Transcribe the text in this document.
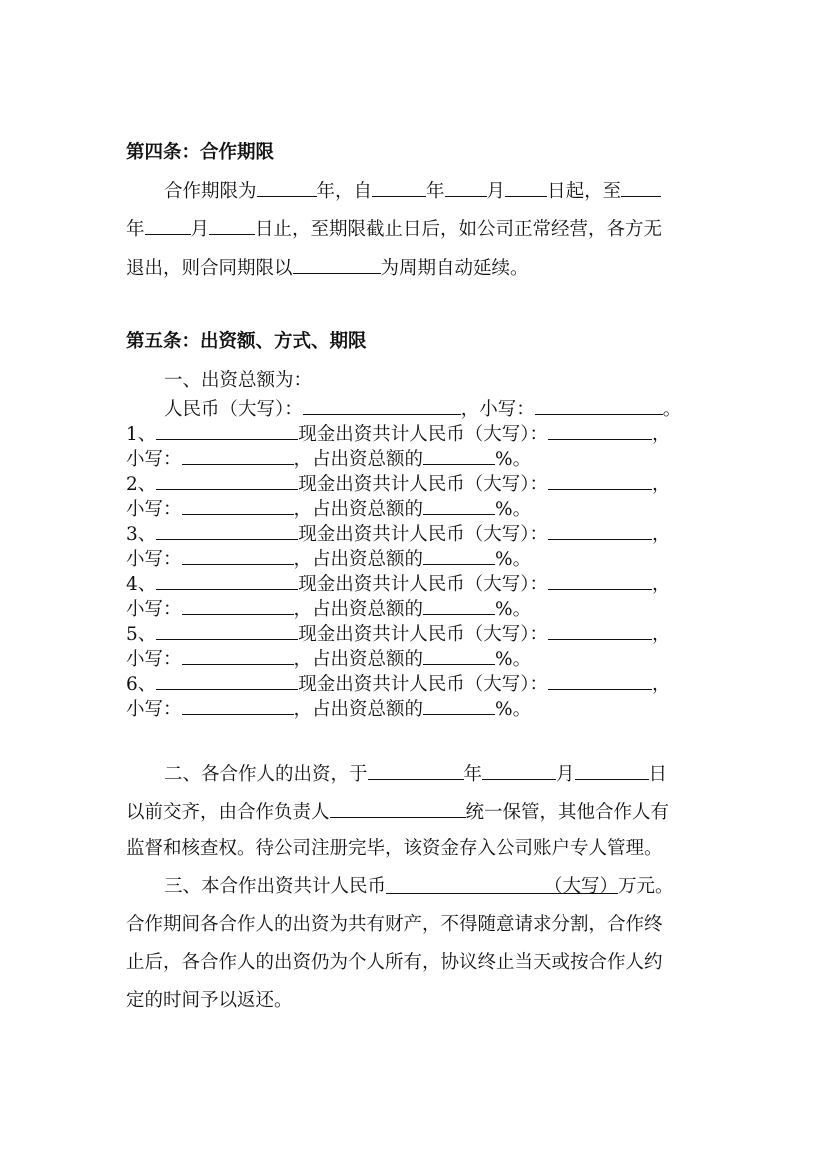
第四条：合作期限
合作期限为	年，自	年 月 日起，至
年 月 日止，至期限截止日后，如公司正常经营，各方无
退出，则合同期限以	为周期自动延续。
第五条：出资额、方式、期限
一、出资总额为：
人民币（大写）：	，小写：	。
1、	现金出资共计人民币（大写）：	，
小写：	，占出资总额的	%。
2、	现金出资共计人民币（大写）：	，
小写：	，占出资总额的	%。
3、	现金出资共计人民币（大写）：	，
小写：	，占出资总额的	%。
4、	现金出资共计人民币（大写）：	，
小写：	，占出资总额的	%。
5、	现金出资共计人民币（大写）：	，
小写：	，占出资总额的	%。
6、	现金出资共计人民币（大写）：	，
小写：	，占出资总额的	%。
二、各合作人的出资，于	年	月	日
以前交齐，由合作负责人	统一保管，其他合作人有
监督和核查权。待公司注册完毕，该资金存入公司账户专人管理。
三、本合作出资共计人民币	（大写）万元。
合作期间各合作人的出资为共有财产，不得随意请求分割，合作终
止后，各合作人的出资仍为个人所有，协议终止当天或按合作人约
定的时间予以返还。
